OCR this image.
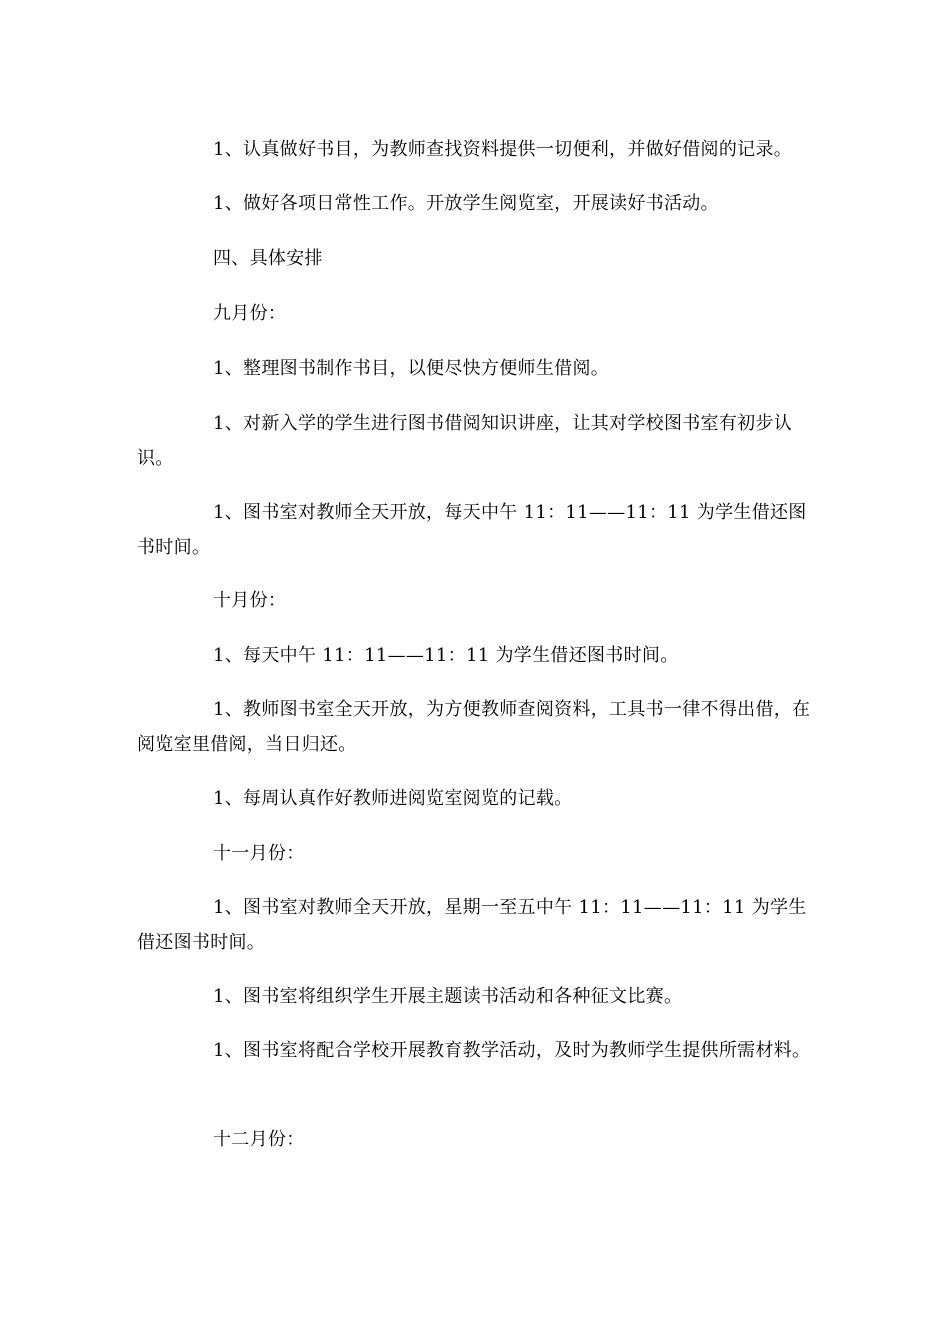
1、认真做好书目，为教师查找资料提供一切便利，并做好借阅的记录。

1、做好各项日常性工作。开放学生阅览室，开展读好书活动。

四、具体安排

九月份：

1、整理图书制作书目，以便尽快方便师生借阅。

1、对新入学的学生进行图书借阅知识讲座，让其对学校图书室有初步认识。

1、图书室对教师全天开放，每天中午 11：11——11：11 为学生借还图书时间。

十月份：

1、每天中午 11：11——11：11 为学生借还图书时间。

1、教师图书室全天开放，为方便教师查阅资料，工具书一律不得出借，在阅览室里借阅，当日归还。

1、每周认真作好教师进阅览室阅览的记载。

十一月份：

1、图书室对教师全天开放，星期一至五中午 11：11——11：11 为学生借还图书时间。

1、图书室将组织学生开展主题读书活动和各种征文比赛。

1、图书室将配合学校开展教育教学活动，及时为教师学生提供所需材料。

十二月份：
